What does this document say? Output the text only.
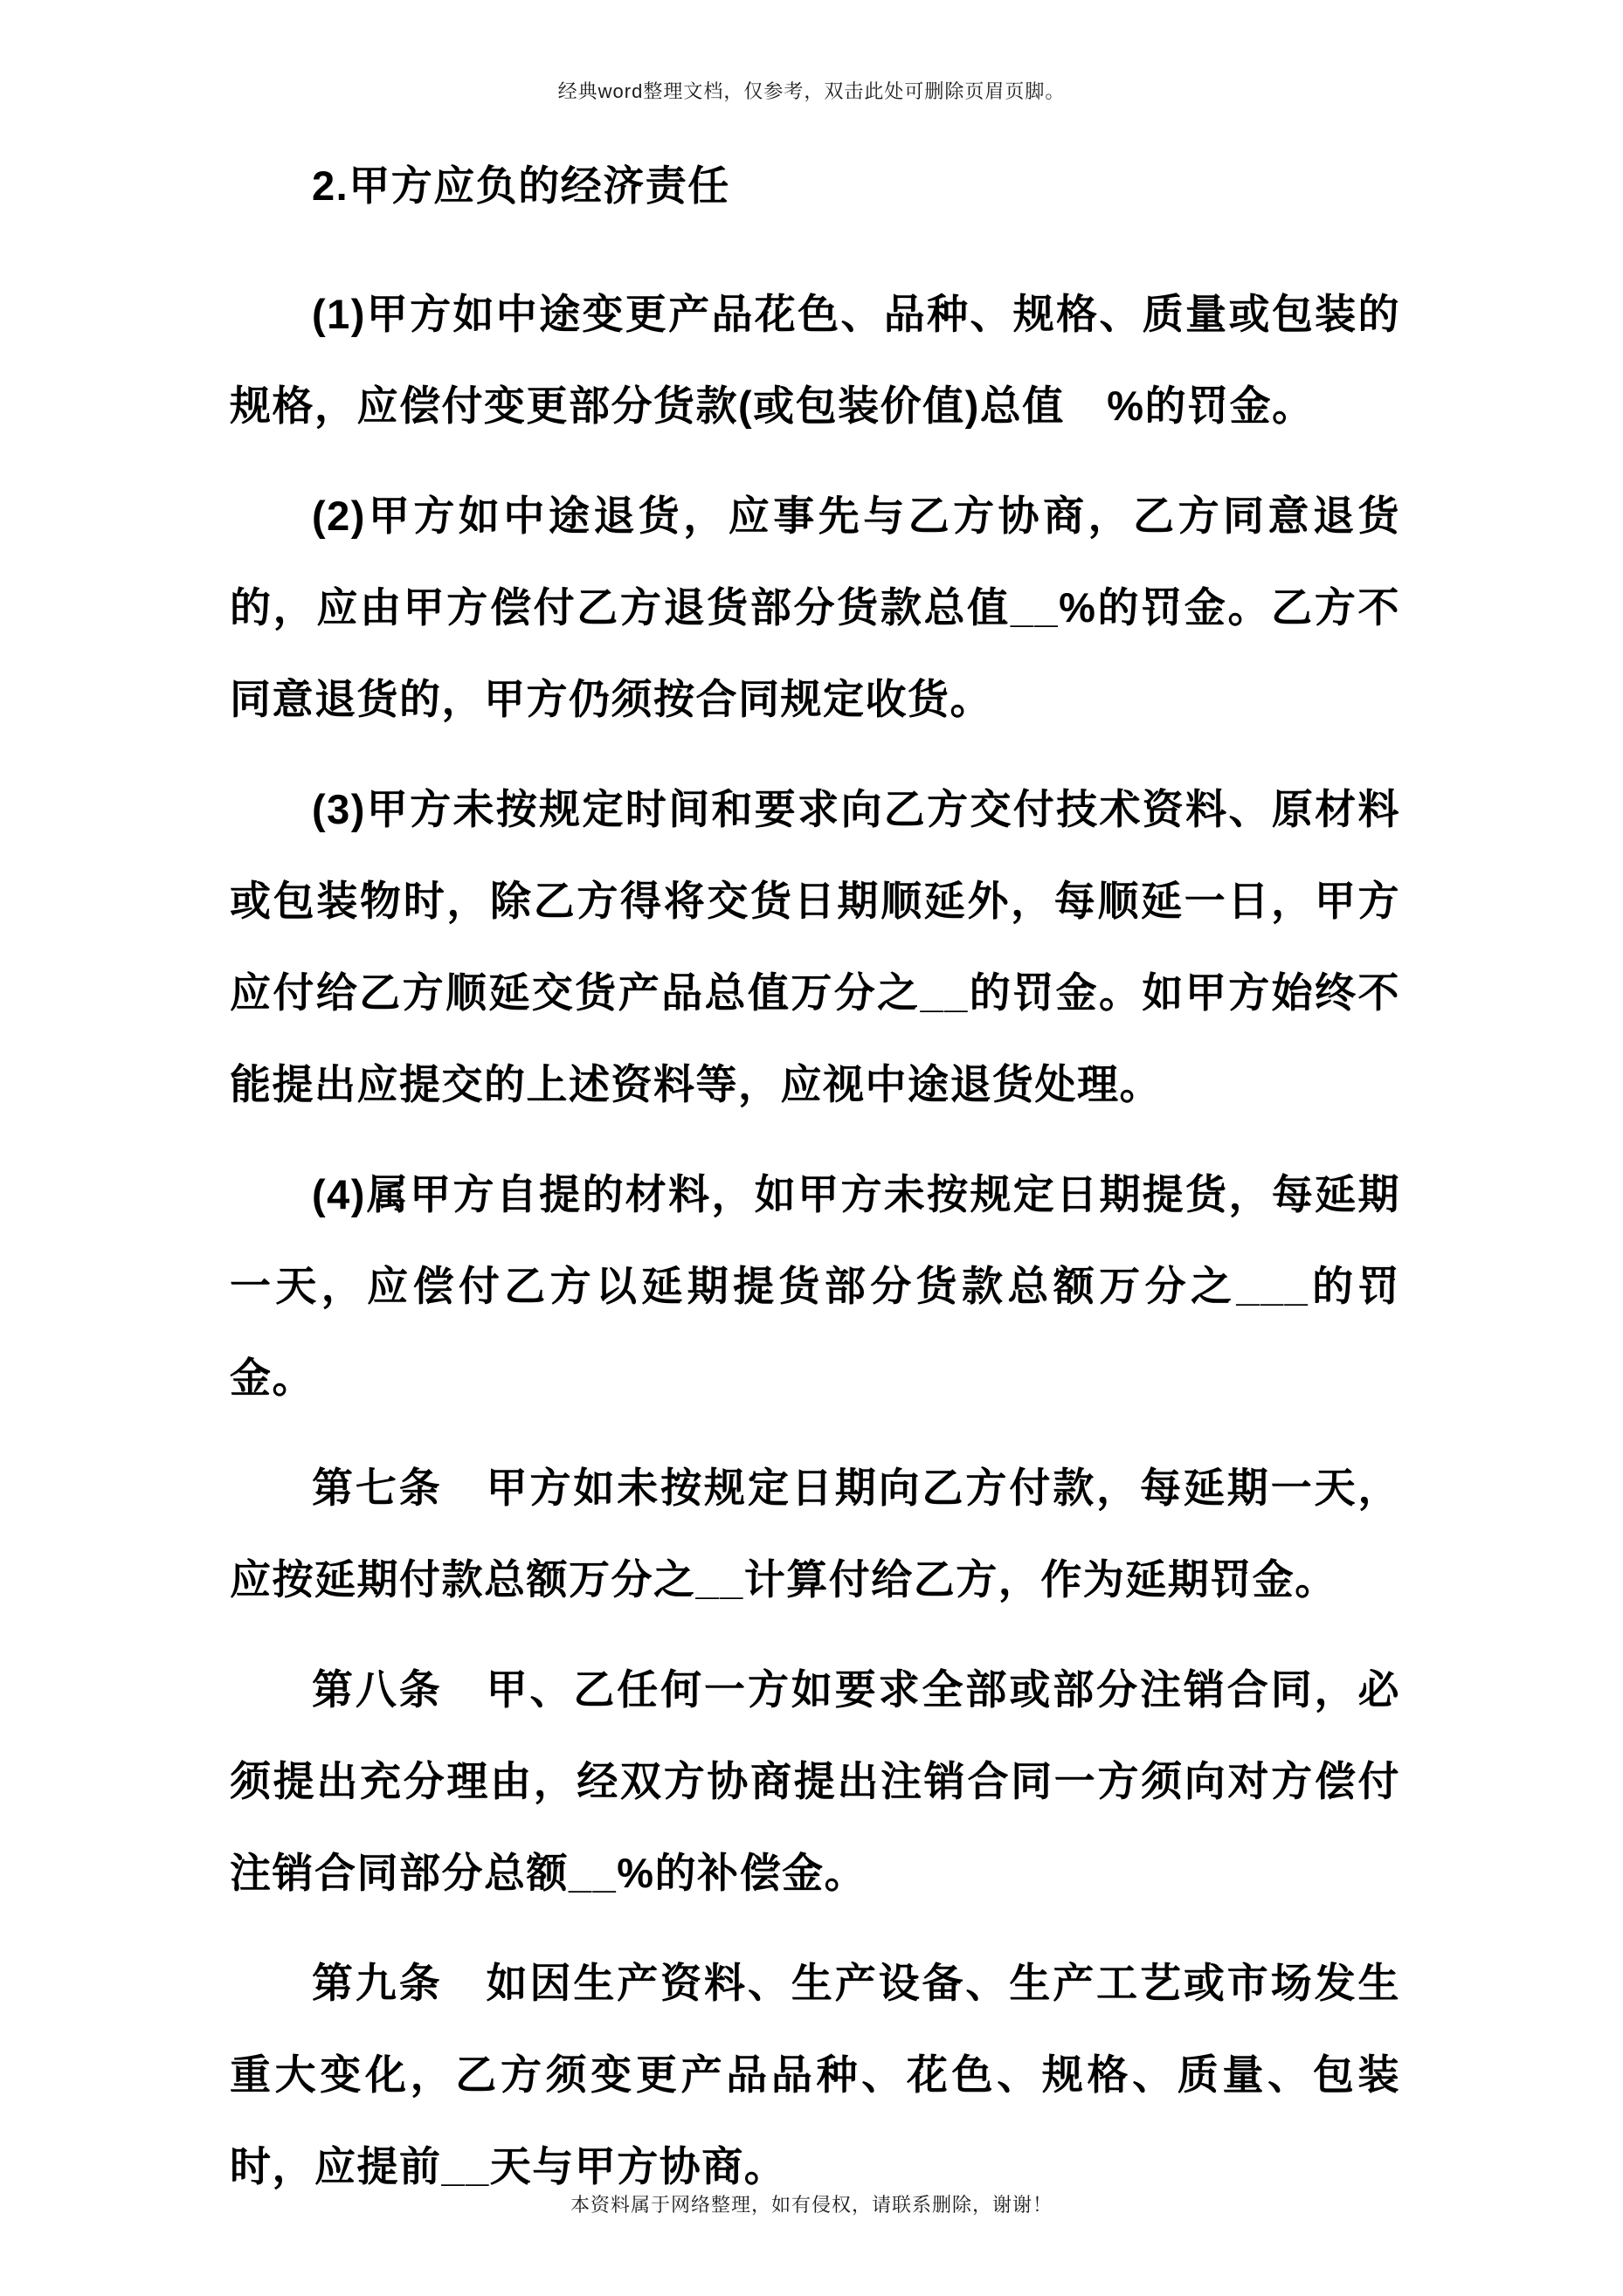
经典word整理文档，仅参考，双击此处可删除页眉页脚。

2.甲方应负的经济责任

(1)甲方如中途变更产品花色、品种、规格、质量或包装的规格，应偿付变更部分货款(或包装价值)总值　%的罚金。

(2)甲方如中途退货，应事先与乙方协商，乙方同意退货的，应由甲方偿付乙方退货部分货款总值__%的罚金。乙方不同意退货的，甲方仍须按合同规定收货。

(3)甲方未按规定时间和要求向乙方交付技术资料、原材料或包装物时，除乙方得将交货日期顺延外，每顺延一日，甲方应付给乙方顺延交货产品总值万分之__的罚金。如甲方始终不能提出应提交的上述资料等，应视中途退货处理。

(4)属甲方自提的材料，如甲方未按规定日期提货，每延期一天，应偿付乙方以延期提货部分货款总额万分之___的罚金。

第七条　甲方如未按规定日期向乙方付款，每延期一天，应按延期付款总额万分之__计算付给乙方，作为延期罚金。

第八条　甲、乙任何一方如要求全部或部分注销合同，必须提出充分理由，经双方协商提出注销合同一方须向对方偿付注销合同部分总额__%的补偿金。

第九条　如因生产资料、生产设备、生产工艺或市场发生重大变化，乙方须变更产品品种、花色、规格、质量、包装时，应提前__天与甲方协商。

本资料属于网络整理，如有侵权，请联系删除，谢谢！
